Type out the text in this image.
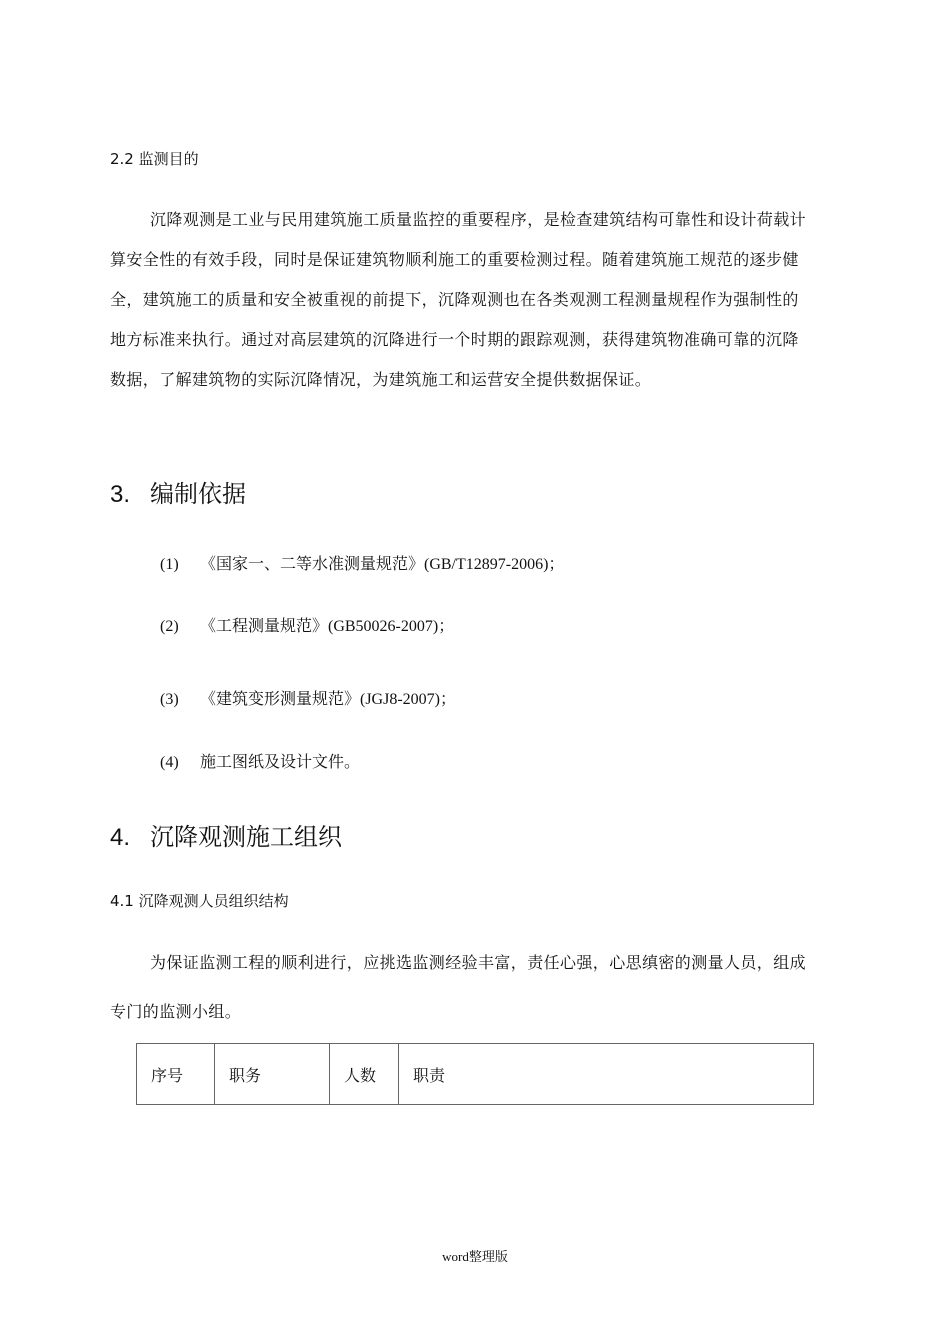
2.2 监测目的
沉降观测是工业与民用建筑施工质量监控的重要程序，是检查建筑结构可靠性和设计荷载计
算安全性的有效手段，同时是保证建筑物顺利施工的重要检测过程。随着建筑施工规范的逐步健
全，建筑施工的质量和安全被重视的前提下，沉降观测也在各类观测工程测量规程作为强制性的
地方标准来执行。通过对高层建筑的沉降进行一个时期的跟踪观测，获得建筑物准确可靠的沉降
数据，了解建筑物的实际沉降情况，为建筑施工和运营安全提供数据保证。
3. 编制依据
(1) 《国家一、二等水准测量规范》(GB/T12897-2006)；
(2) 《工程测量规范》(GB50026-2007)；
(3) 《建筑变形测量规范》(JGJ8-2007)；
(4) 施工图纸及设计文件。
4. 沉降观测施工组织
4.1 沉降观测人员组织结构
为保证监测工程的顺利进行，应挑选监测经验丰富，责任心强，心思缜密的测量人员，组成
专门的监测小组。
序号	职务	人数	职责
word整理版
